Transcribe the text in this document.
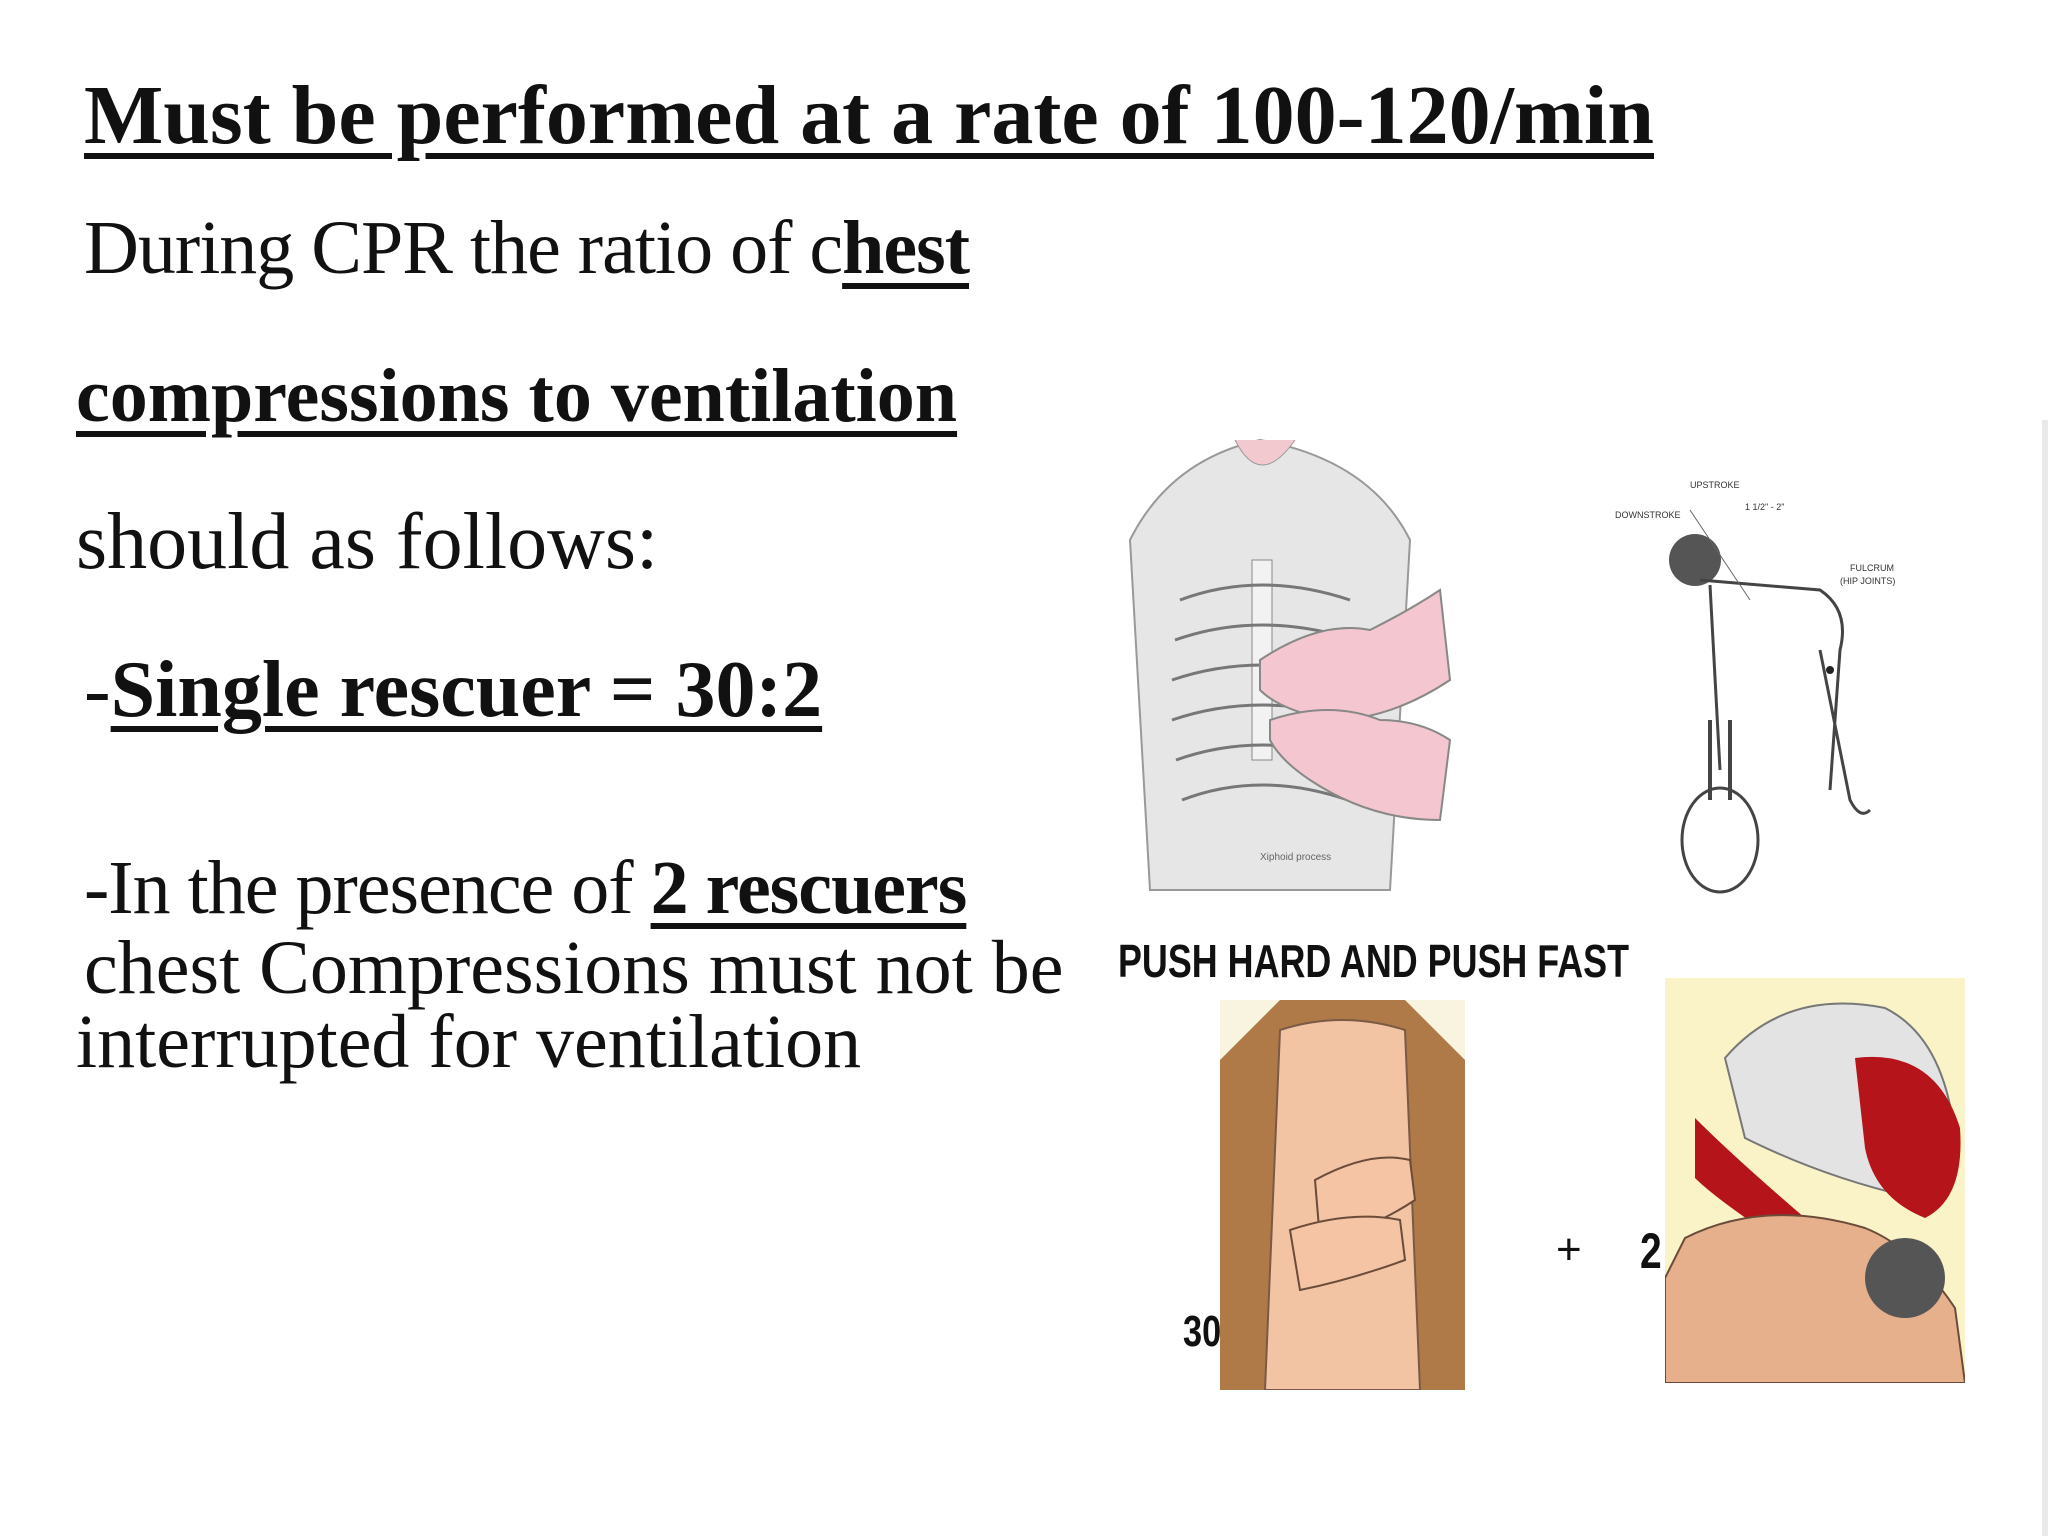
Must be performed at a rate of 100-120/min
During CPR the ratio of chest
compressions to ventilation
should as follows:
-Single rescuer = 30:2
-In the presence of 2 rescuers
chest Compressions must not be
interrupted for ventilation
Xiphoid process
UPSTROKE
DOWNSTROKE
1 1/2" - 2"
FULCRUM
(HIP JOINTS)
PUSH HARD AND PUSH FAST
30
+ 2
